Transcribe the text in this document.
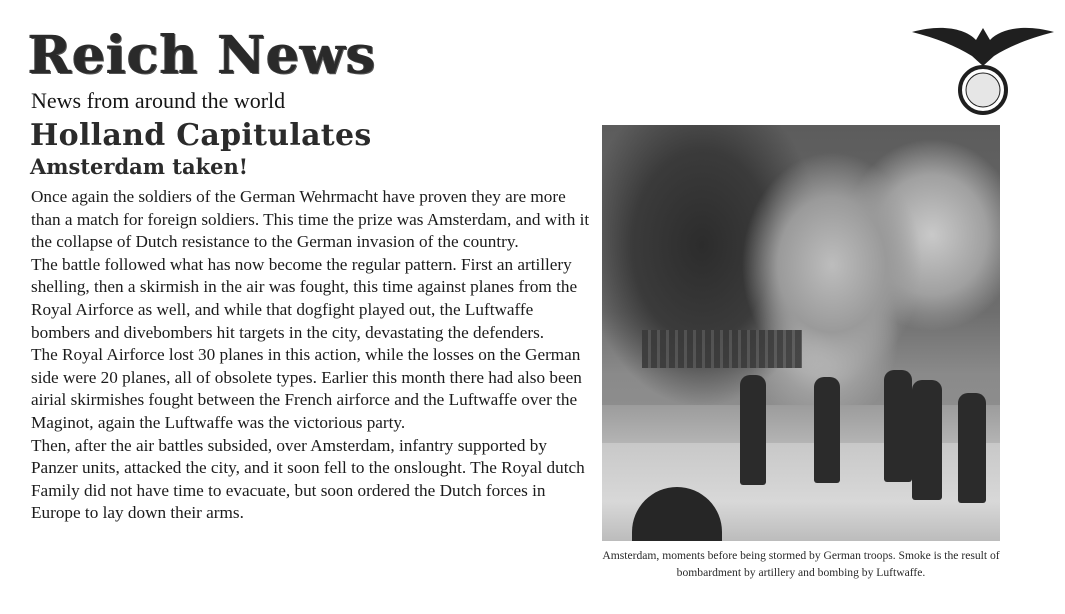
Reich News
News from around the world
Holland Capitulates
Amsterdam taken!

Once again the soldiers of the German Wehrmacht have proven they are more than a match for foreign soldiers. This time the prize was Amsterdam, and with it the collapse of Dutch resistance to the German invasion of the country.

The battle followed what has now become the regular pattern. First an artillery shelling, then a skirmish in the air was fought, this time against planes from the Royal Airforce as well, and while that dogfight played out, the Luftwaffe bombers and divebombers hit targets in the city, devastating the defenders.

The Royal Airforce lost 30 planes in this action, while the losses on the German side were 20 planes, all of obsolete types. Earlier this month there had also been airial skirmishes fought between the French airforce and the Luftwaffe over the Maginot, again the Luftwaffe was the victorious party.

Then, after the air battles subsided, over Amsterdam, infantry supported by Panzer units, attacked the city, and it soon fell to the onslought. The Royal dutch Family did not have time to evacuate, but soon ordered the Dutch forces in Europe to lay down their arms.

Amsterdam, moments before being stormed by German troops. Smoke is the result of bombardment by artillery and bombing by Luftwaffe.
